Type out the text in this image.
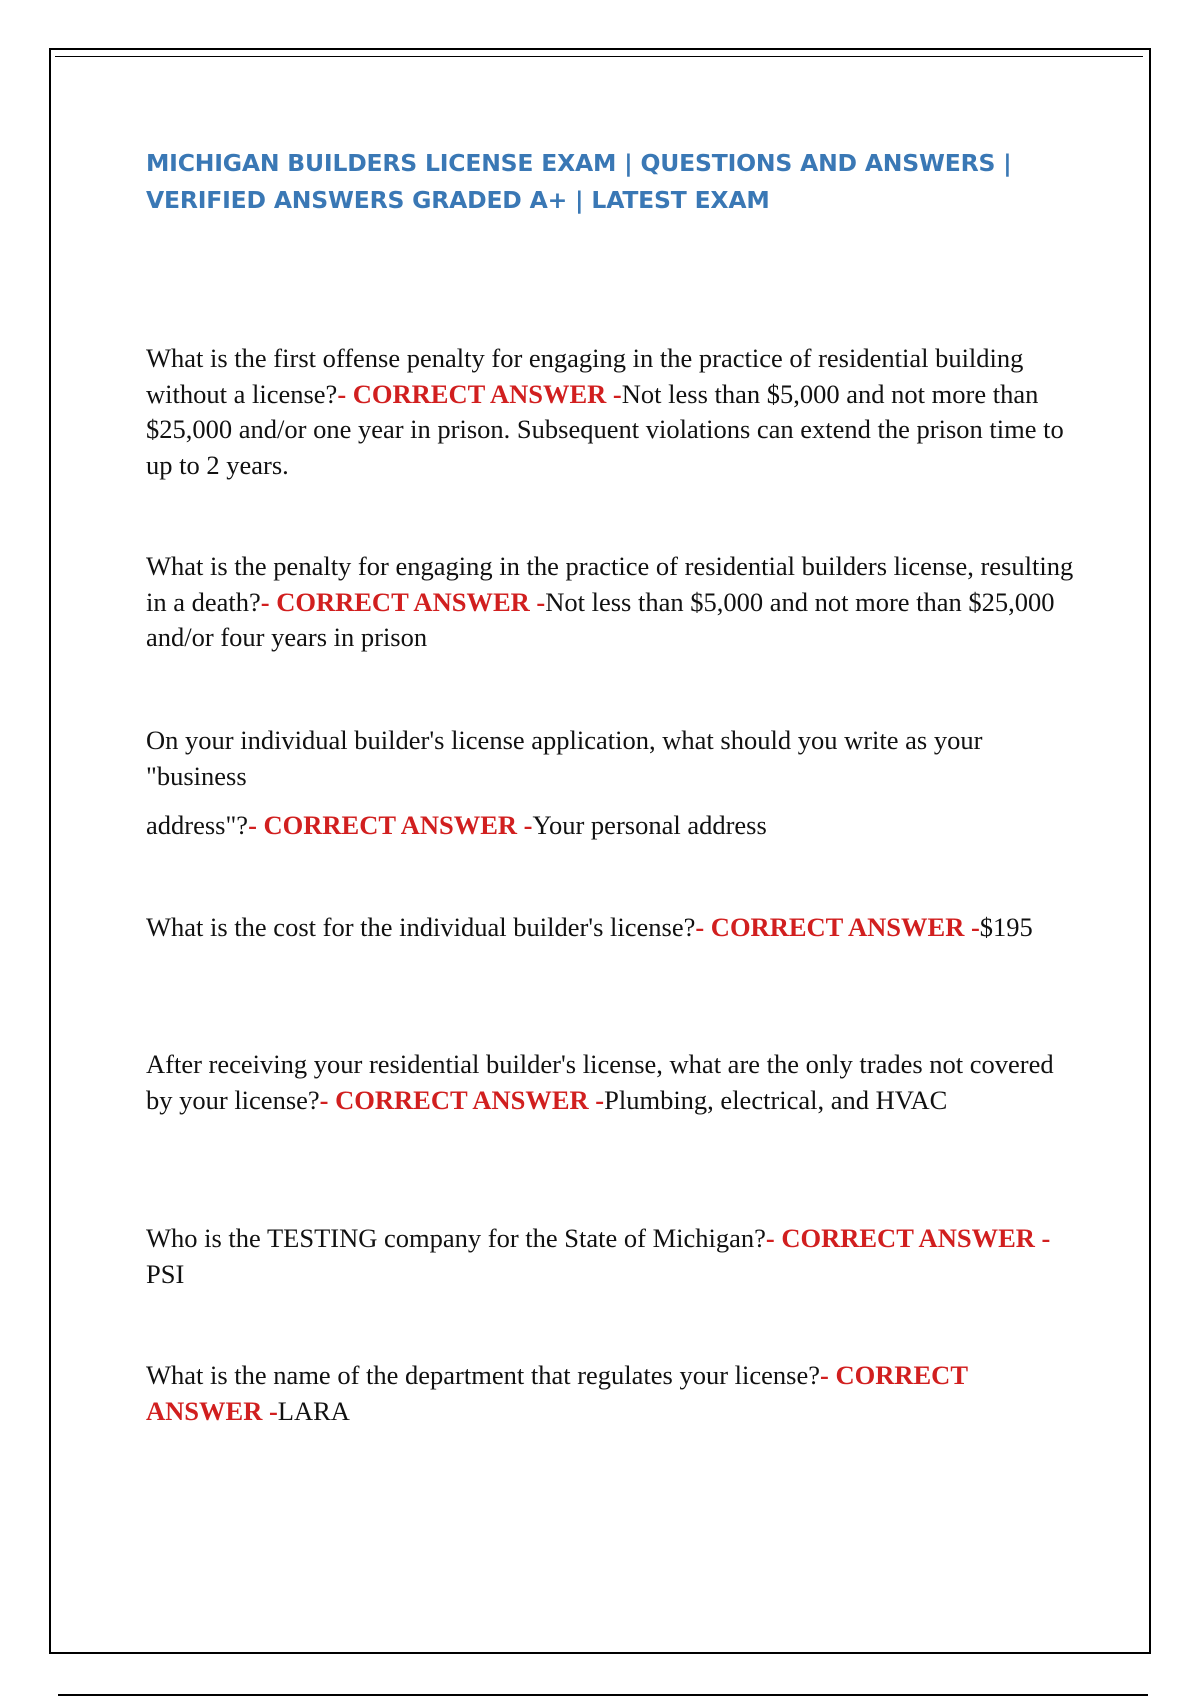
MICHIGAN BUILDERS LICENSE EXAM | QUESTIONS AND ANSWERS | VERIFIED ANSWERS GRADED A+ | LATEST EXAM

What is the first offense penalty for engaging in the practice of residential building without a license?- CORRECT ANSWER -Not less than $5,000 and not more than $25,000 and/or one year in prison. Subsequent violations can extend the prison time to up to 2 years.

What is the penalty for engaging in the practice of residential builders license, resulting in a death?- CORRECT ANSWER -Not less than $5,000 and not more than $25,000 and/or four years in prison

On your individual builder's license application, what should you write as your "business
address"?- CORRECT ANSWER -Your personal address

What is the cost for the individual builder's license?- CORRECT ANSWER -$195

After receiving your residential builder's license, what are the only trades not covered by your license?- CORRECT ANSWER -Plumbing, electrical, and HVAC

Who is the TESTING company for the State of Michigan?- CORRECT ANSWER -PSI

What is the name of the department that regulates your license?- CORRECT ANSWER -LARA
